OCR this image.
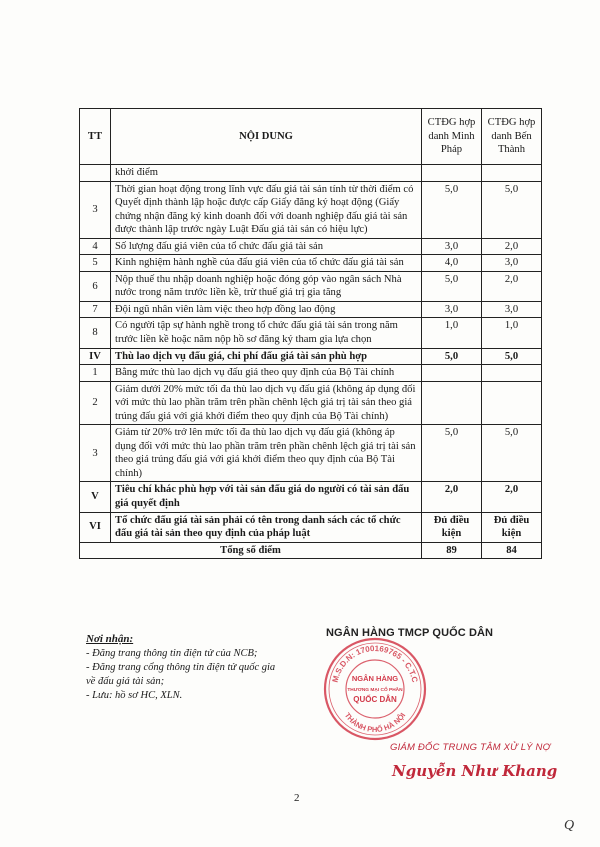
TT	NỘI DUNG	CTĐG hợp danh Minh Pháp	CTĐG hợp danh Bến Thành
	khởi điểm		
3	Thời gian hoạt động trong lĩnh vực đấu giá tài sản tính từ thời điểm có Quyết định thành lập hoặc được cấp Giấy đăng ký hoạt động (Giấy chứng nhận đăng ký kinh doanh đối với doanh nghiệp đấu giá tài sản được thành lập trước ngày Luật Đấu giá tài sản có hiệu lực)	5,0	5,0
4	Số lượng đấu giá viên của tổ chức đấu giá tài sản	3,0	2,0
5	Kinh nghiệm hành nghề của đấu giá viên của tổ chức đấu giá tài sản	4,0	3,0
6	Nộp thuế thu nhập doanh nghiệp hoặc đóng góp vào ngân sách Nhà nước trong năm trước liền kề, trừ thuế giá trị gia tăng	5,0	2,0
7	Đội ngũ nhân viên làm việc theo hợp đồng lao động	3,0	3,0
8	Có người tập sự hành nghề trong tổ chức đấu giá tài sản trong năm trước liền kề hoặc năm nộp hồ sơ đăng ký tham gia lựa chọn	1,0	1,0
IV	Thù lao dịch vụ đấu giá, chi phí đấu giá tài sản phù hợp	5,0	5,0
1	Bằng mức thù lao dịch vụ đấu giá theo quy định của Bộ Tài chính		
2	Giảm dưới 20% mức tối đa thù lao dịch vụ đấu giá (không áp dụng đối với mức thù lao phần trăm trên phần chênh lệch giá trị tài sản theo giá trúng đấu giá với giá khởi điểm theo quy định của Bộ Tài chính)		
3	Giảm từ 20% trở lên mức tối đa thù lao dịch vụ đấu giá (không áp dụng đối với mức thù lao phần trăm trên phần chênh lệch giá trị tài sản theo giá trúng đấu giá với giá khởi điểm theo quy định của Bộ Tài chính)	5,0	5,0
V	Tiêu chí khác phù hợp với tài sản đấu giá do người có tài sản đấu giá quyết định	2,0	2,0
VI	Tổ chức đấu giá tài sản phải có tên trong danh sách các tổ chức đấu giá tài sản theo quy định của pháp luật	Đủ điều kiện	Đủ điều kiện
Tổng số điểm		89	84
Nơi nhận:
- Đăng trang thông tin điện tử của NCB;
- Đăng trang cổng thông tin điện tử quốc gia về đấu giá tài sản;
- Lưu: hồ sơ HC, XLN.
NGÂN HÀNG TMCP QUỐC DÂN
M.S.D.N: 1700169765 - C.T.C
THÀNH PHỐ HÀ NỘI
NGÂN HÀNG
THƯƠNG MẠI CỔ PHẦN
QUỐC DÂN
GIÁM ĐỐC TRUNG TÂM XỬ LÝ NỢ
Nguyễn Như Khang
2
Q
